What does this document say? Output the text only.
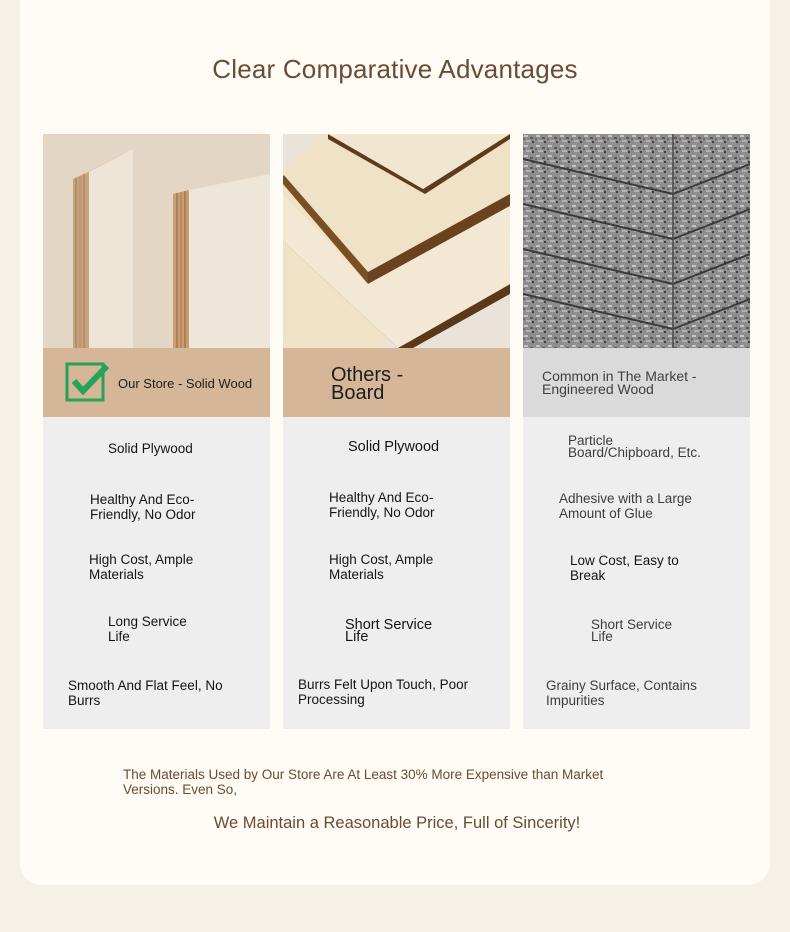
Clear Comparative Advantages
Our Store - Solid Wood
Solid Plywood
Healthy And Eco-Friendly, No Odor
High Cost, Ample Materials
Long Service Life
Smooth And Flat Feel, No Burrs
Others - Board
Solid Plywood
Healthy And Eco-Friendly, No Odor
High Cost, Ample Materials
Short Service Life
Burrs Felt Upon Touch, Poor Processing
Common in The Market - Engineered Wood
Particle Board/Chipboard, Etc.
Adhesive with a Large Amount of Glue
Low Cost, Easy to Break
Short Service Life
Grainy Surface, Contains Impurities
The Materials Used by Our Store Are At Least 30% More Expensive than Market Versions. Even So,
We Maintain a Reasonable Price, Full of Sincerity!
